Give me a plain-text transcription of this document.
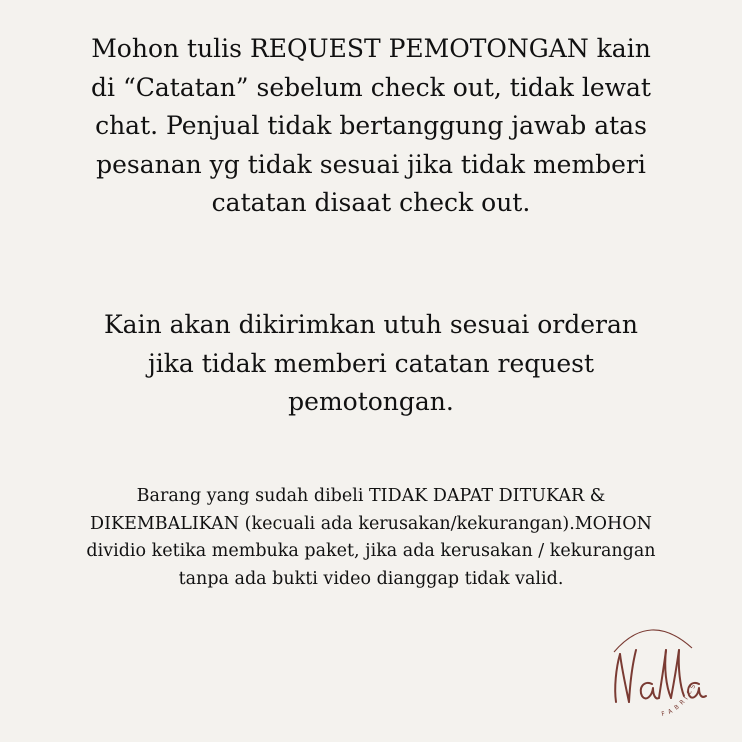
Mohon tulis REQUEST PEMOTONGAN kain
di “Catatan” sebelum check out, tidak lewat
chat. Penjual tidak bertanggung jawab atas
pesanan yg tidak sesuai jika tidak memberi
catatan disaat check out.
Kain akan dikirimkan utuh sesuai orderan
jika tidak memberi catatan request
pemotongan.
Barang yang sudah dibeli TIDAK DAPAT DITUKAR &
DIKEMBALIKAN (kecuali ada kerusakan/kekurangan).MOHON
dividio ketika membuka paket, jika ada kerusakan / kekurangan
tanpa ada bukti video dianggap tidak valid.
F A
B
R
I
C
S
